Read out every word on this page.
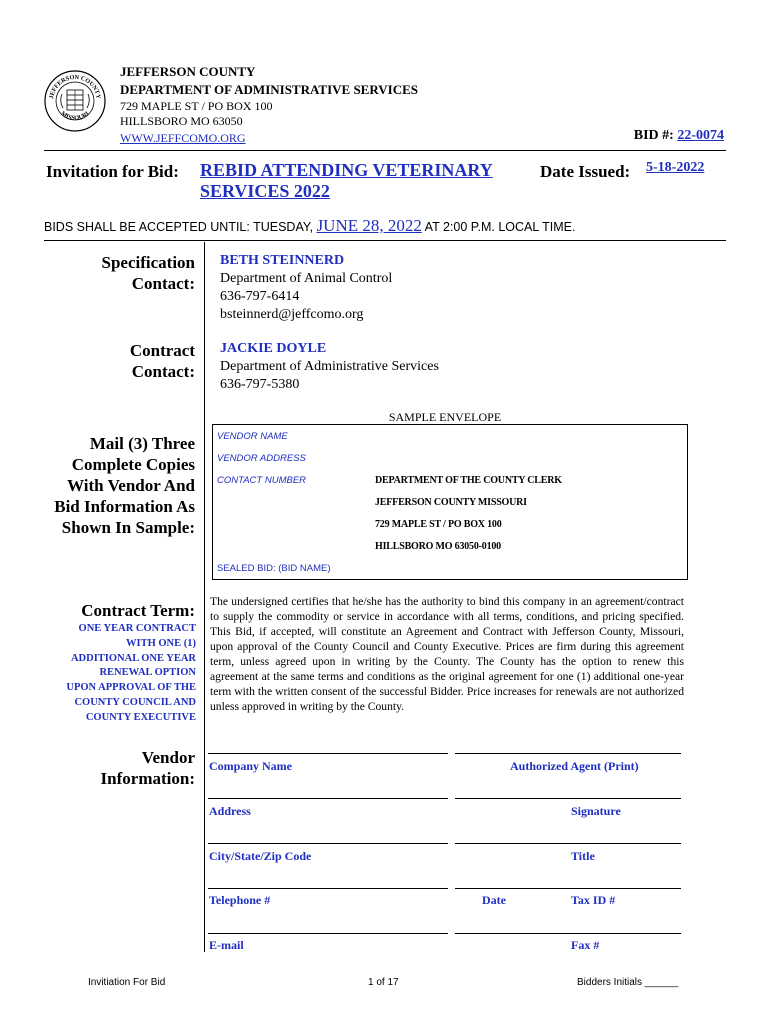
JEFFERSON COUNTY
MISSOURI
JEFFERSON COUNTY
DEPARTMENT OF ADMINISTRATIVE SERVICES
729 MAPLE ST / PO BOX 100
HILLSBORO MO 63050
WWW.JEFFCOMO.ORG	BID #: 22-0074
Invitation for Bid: REBID ATTENDING VETERINARY
SERVICES 2022
Date Issued: 5-18-2022
BIDS SHALL BE ACCEPTED UNTIL: TUESDAY, JUNE 28, 2022 AT 2:00 P.M. LOCAL TIME.
Specification
Contact:
BETH STEINNERD
Department of Animal Control
636-797-6414
bsteinnerd@jeffcomo.org
Contract
Contact:
JACKIE DOYLE
Department of Administrative Services
636-797-5380
Mail (3) Three
Complete Copies
With Vendor And
Bid Information As
Shown In Sample:
SAMPLE ENVELOPE
VENDOR NAME
VENDOR ADDRESS
CONTACT NUMBER	DEPARTMENT OF THE COUNTY CLERK
JEFFERSON COUNTY MISSOURI
729 MAPLE ST / PO BOX 100
HILLSBORO MO 63050-0100
SEALED BID: (BID NAME)
Contract Term:
ONE YEAR CONTRACT
WITH ONE (1)
ADDITIONAL ONE YEAR
RENEWAL OPTION
UPON APPROVAL OF THE
COUNTY COUNCIL AND
COUNTY EXECUTIVE
The undersigned certifies that he/she has the authority to bind this company in an agreement/contract to supply the commodity or service in accordance with all terms, conditions, and pricing specified. This Bid, if accepted, will constitute an Agreement and Contract with Jefferson County, Missouri, upon approval of the County Council and County Executive. Prices are firm during this agreement term, unless agreed upon in writing by the County. The County has the option to renew this agreement at the same terms and conditions as the original agreement for one (1) additional one-year term with the written consent of the successful Bidder. Price increases for renewals are not authorized unless approved in writing by the County.
Vendor
Information:
Company Name	Authorized Agent (Print)
Address	Signature
City/State/Zip Code	Title
Telephone #	Date	Tax ID #
E-mail	Fax #
Invitiation For Bid	1 of 17	Bidders Initials ______
